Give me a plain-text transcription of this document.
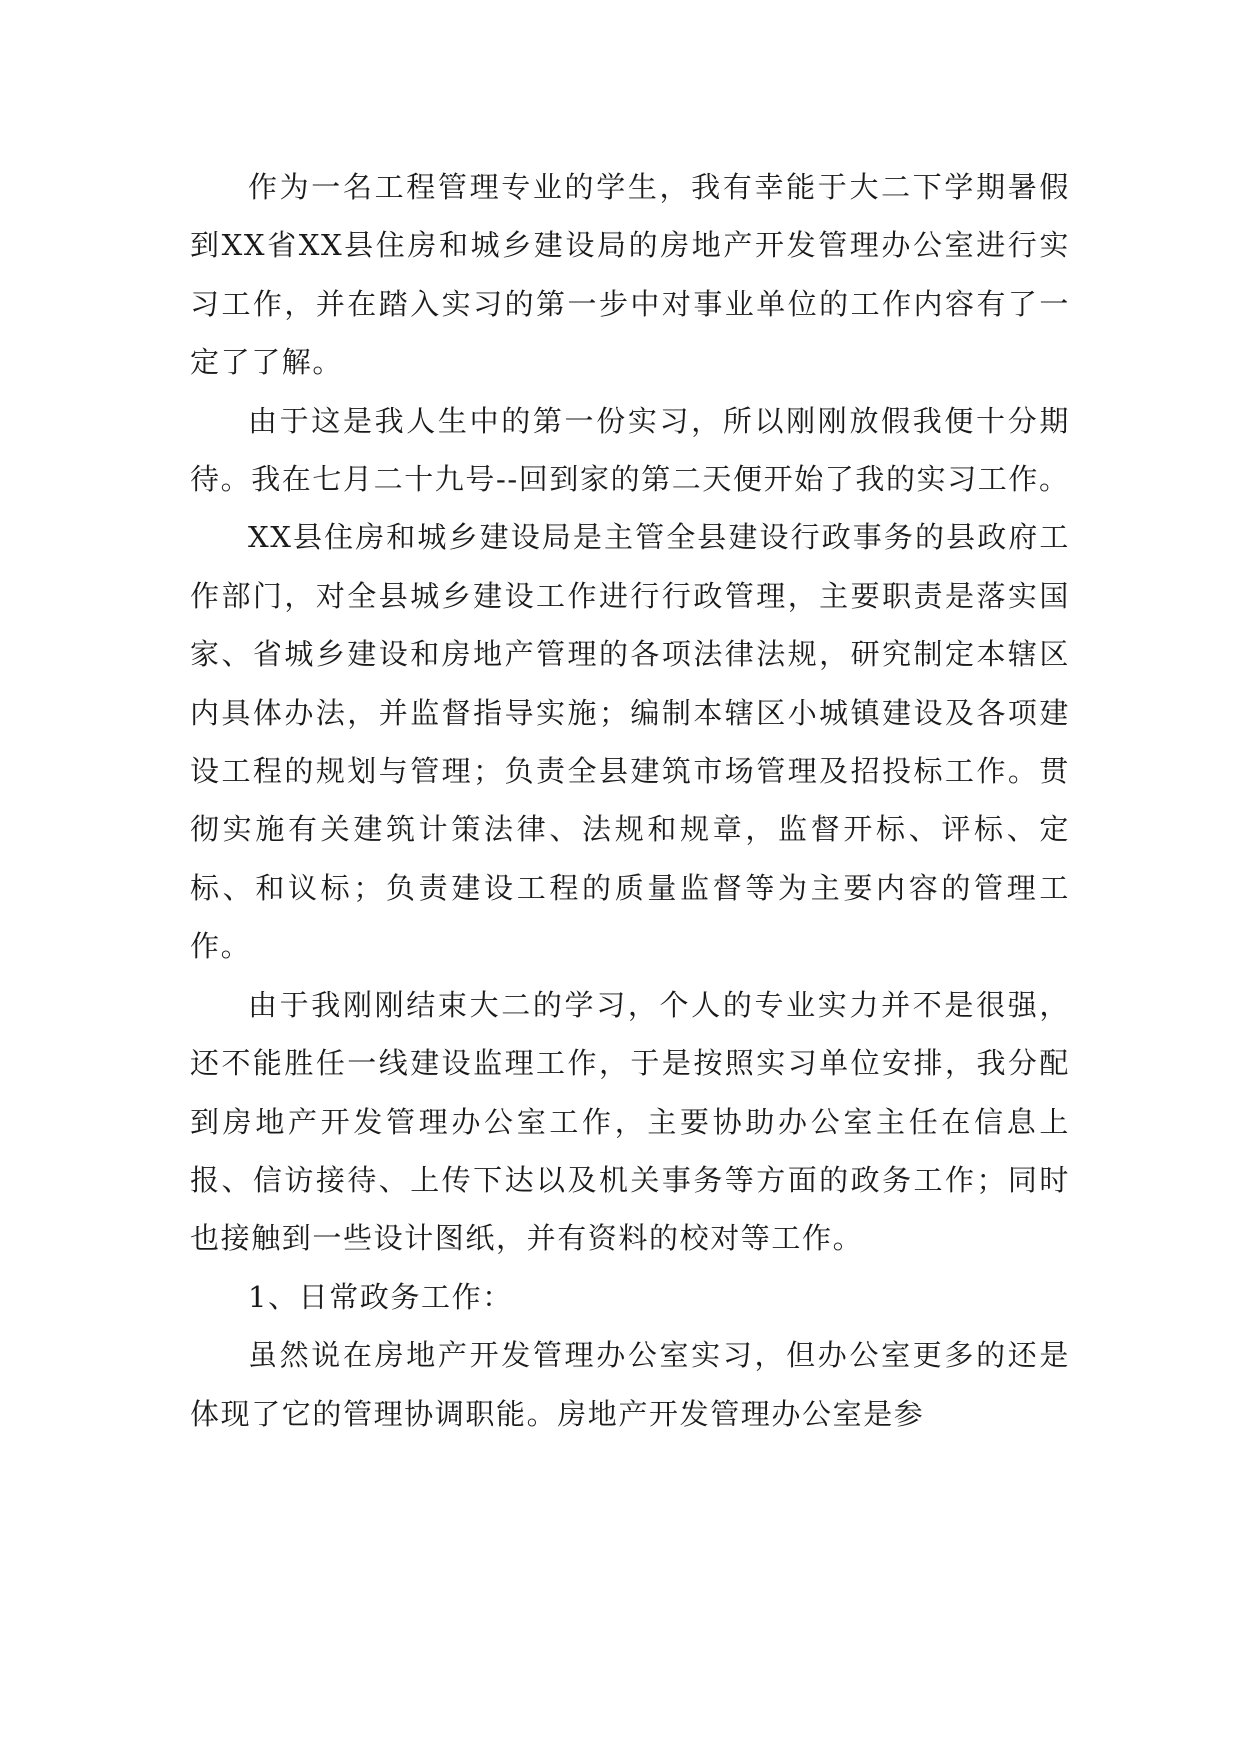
作为一名工程管理专业的学生，我有幸能于大二下学期暑假到XX省XX县住房和城乡建设局的房地产开发管理办公室进行实习工作，并在踏入实习的第一步中对事业单位的工作内容有了一定了了解。

由于这是我人生中的第一份实习，所以刚刚放假我便十分期待。我在七月二十九号--回到家的第二天便开始了我的实习工作。

XX县住房和城乡建设局是主管全县建设行政事务的县政府工作部门，对全县城乡建设工作进行行政管理，主要职责是落实国家、省城乡建设和房地产管理的各项法律法规，研究制定本辖区内具体办法，并监督指导实施；编制本辖区小城镇建设及各项建设工程的规划与管理；负责全县建筑市场管理及招投标工作。贯彻实施有关建筑计策法律、法规和规章，监督开标、评标、定标、和议标；负责建设工程的质量监督等为主要内容的管理工作。

由于我刚刚结束大二的学习，个人的专业实力并不是很强，还不能胜任一线建设监理工作，于是按照实习单位安排，我分配到房地产开发管理办公室工作，主要协助办公室主任在信息上报、信访接待、上传下达以及机关事务等方面的政务工作；同时也接触到一些设计图纸，并有资料的校对等工作。

1、日常政务工作：

虽然说在房地产开发管理办公室实习，但办公室更多的还是体现了它的管理协调职能。房地产开发管理办公室是参
